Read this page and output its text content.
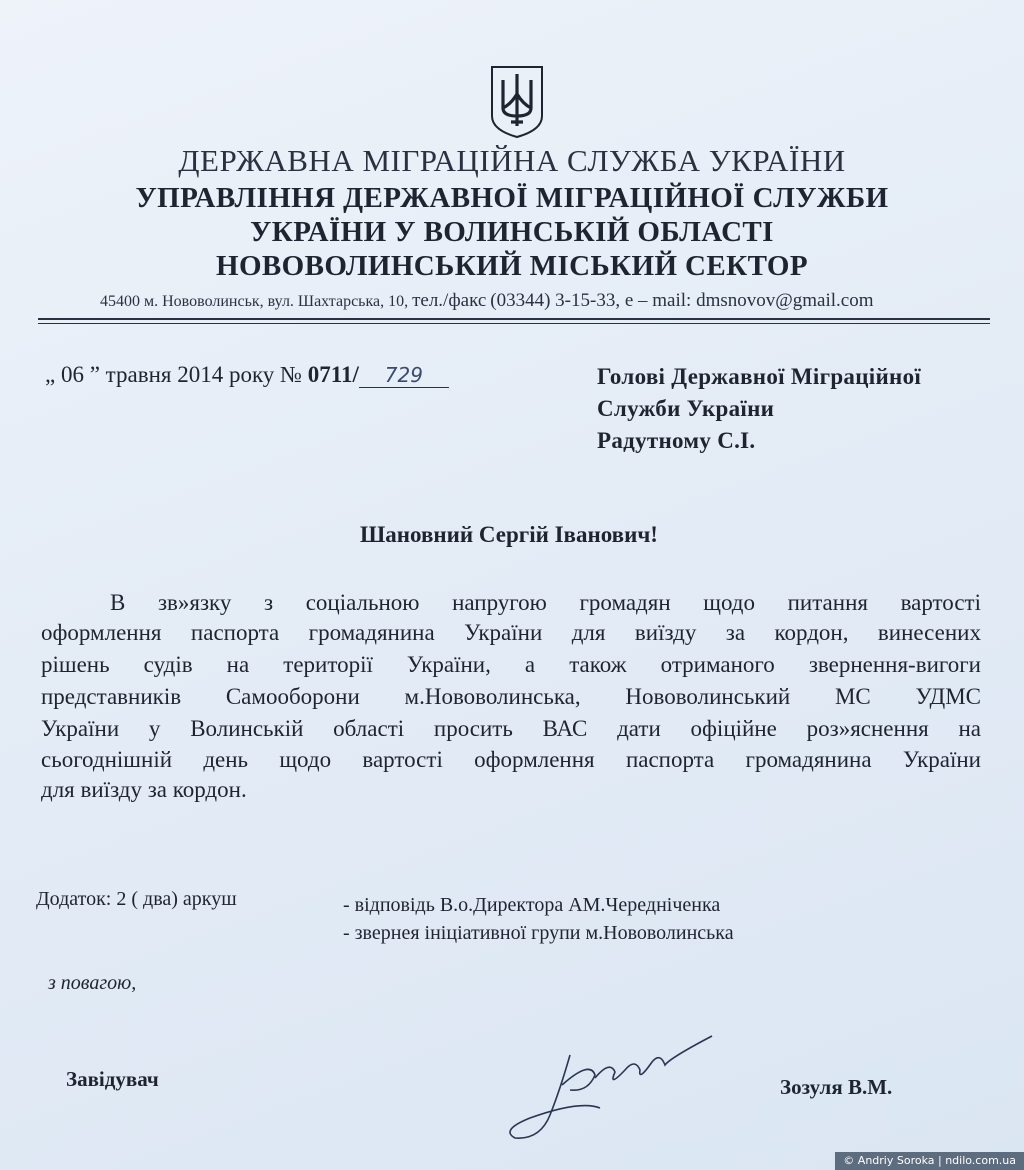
ДЕРЖАВНА МІГРАЦІЙНА СЛУЖБА УКРАЇНИ
УПРАВЛІННЯ ДЕРЖАВНОЇ МІГРАЦІЙНОЇ СЛУЖБИ
УКРАЇНИ У ВОЛИНСЬКІЙ ОБЛАСТІ
НОВОВОЛИНСЬКИЙ МІСЬКИЙ СЕКТОР
45400 м. Нововолинськ, вул. Шахтарська, 10, тел./факс (03344) 3-15-33, e – mail: dmsnovov@gmail.com
„ 06 ” травня 2014 року № 0711/ 729	Голові Державної Міграційної
Служби України
Радутному С.І.
Шановний Сергій Іванович!
В зв»язку з соціальною напругою громадян щодо питання вартості
оформлення паспорта громадянина України для виїзду за кордон, винесених
рішень судів на території України, а також отриманого звернення-вигоги
представників Самооборони м.Нововолинська, Нововолинський МС УДМС
України у Волинській області просить ВАС дати офіційне роз»яснення на
сьогоднішній день щодо вартості оформлення паспорта громадянина України
для виїзду за кордон.
Додаток: 2 ( два) аркуш	- відповідь В.о.Директора АМ.Чередніченка
- звернея ініціативної групи м.Нововолинська
з повагою,
Завідувач	Зозуля В.М.
© Andriy Soroka | ndilo.com.ua
